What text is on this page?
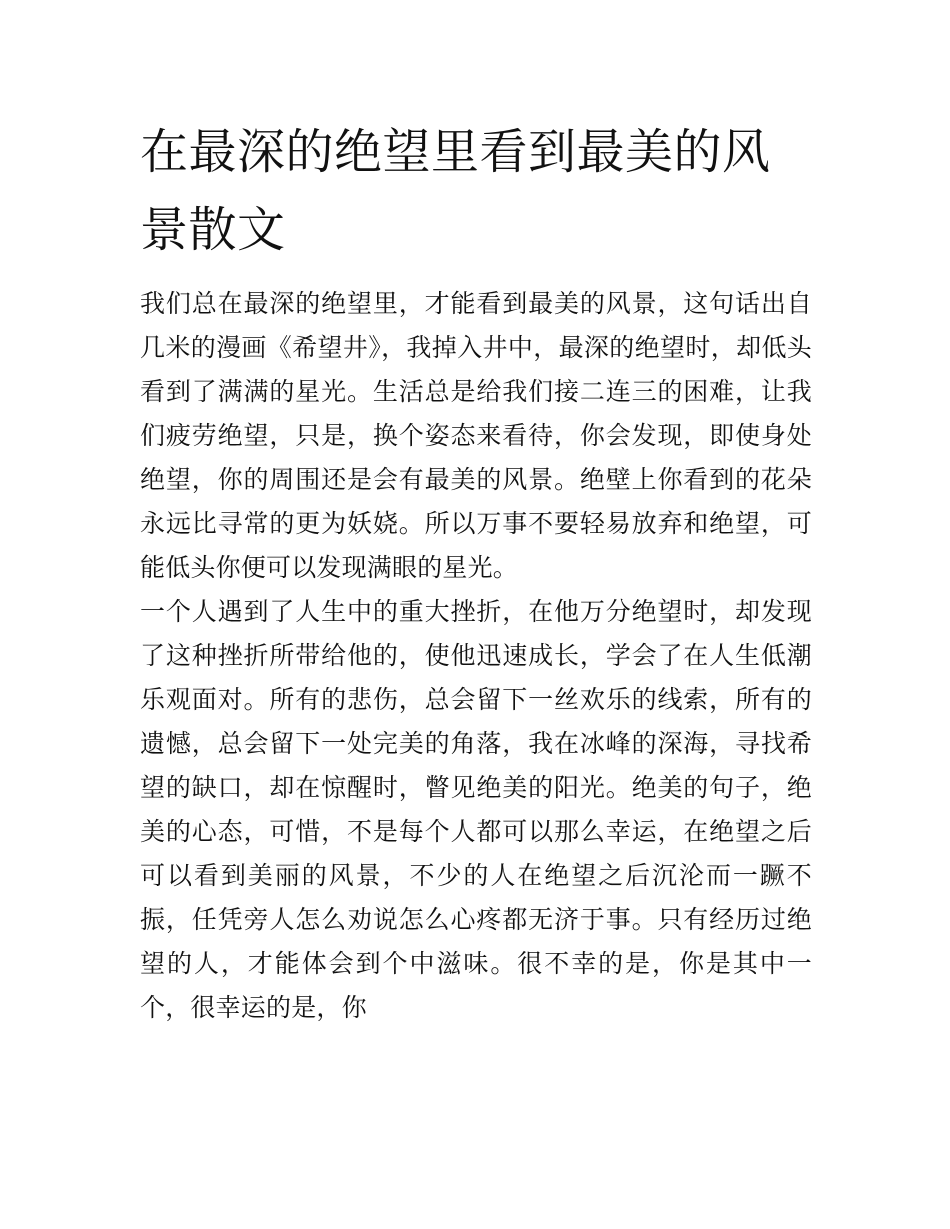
在最深的绝望里看到最美的风景散文

我们总在最深的绝望里，才能看到最美的风景，这句话出自几米的漫画《希望井》，我掉入井中，最深的绝望时，却低头看到了满满的星光。生活总是给我们接二连三的困难，让我们疲劳绝望，只是，换个姿态来看待，你会发现，即使身处绝望，你的周围还是会有最美的风景。绝壁上你看到的花朵永远比寻常的更为妖娆。所以万事不要轻易放弃和绝望，可能低头你便可以发现满眼的星光。

一个人遇到了人生中的重大挫折，在他万分绝望时，却发现了这种挫折所带给他的，使他迅速成长，学会了在人生低潮乐观面对。所有的悲伤，总会留下一丝欢乐的线索，所有的遗憾，总会留下一处完美的角落，我在冰峰的深海，寻找希望的缺口，却在惊醒时，瞥见绝美的阳光。绝美的句子，绝美的心态，可惜，不是每个人都可以那么幸运，在绝望之后可以看到美丽的风景，不少的人在绝望之后沉沦而一蹶不振，任凭旁人怎么劝说怎么心疼都无济于事。只有经历过绝望的人，才能体会到个中滋味。很不幸的是，你是其中一个，很幸运的是，你
